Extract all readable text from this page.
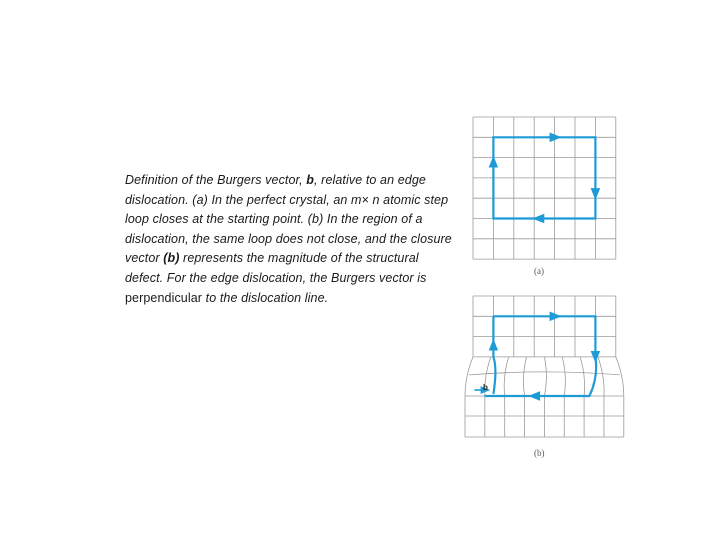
Definition of the Burgers vector, b, relative to an edge dislocation. (a) In the perfect crystal, an m× n atomic step loop closes at the starting point. (b) In the region of a dislocation, the same loop does not close, and the closure vector (b) represents the magnitude of the structural defect. For the edge dislocation, the Burgers vector is perpendicular to the dislocation line.
(a)
b
(b)
